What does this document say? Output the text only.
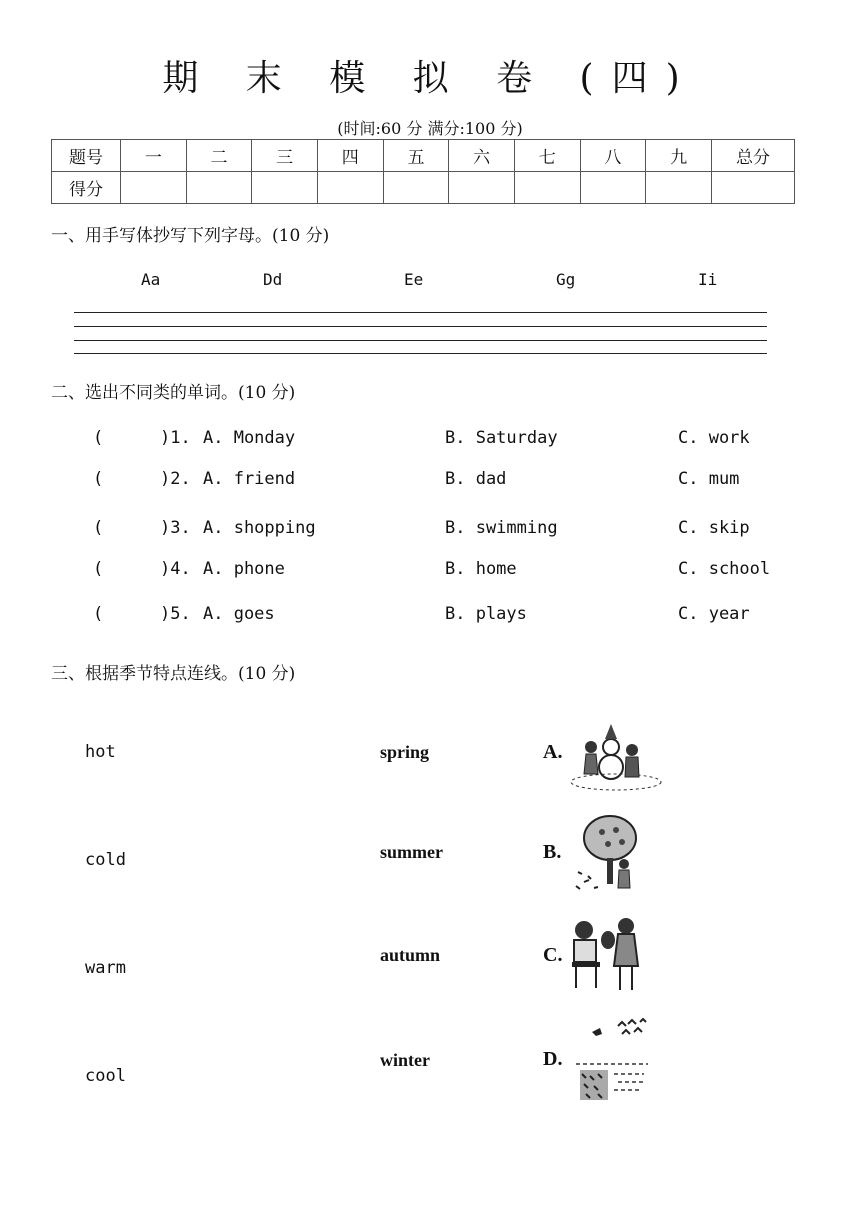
期 末 模 拟 卷 (四)
(时间:60 分 满分:100 分)
题号	一	二	三	四	五	六	七	八	九	总分
得分										
一、用手写体抄写下列字母。(10 分)
Aa	Dd	Ee	Gg	Ii
二、选出不同类的单词。(10 分)
(	)1. A. Monday	B. Saturday	C. work
(	)2. A. friend	B. dad	C. mum
(	)3. A. shopping	B. swimming	C. skip
(	)4. A. phone	B. home	C. school
(	)5. A. goes	B. plays	C. year
三、根据季节特点连线。(10 分)
hot
cold
warm
cool
spring
summer
autumn
winter
A.
B.
C.
D.
